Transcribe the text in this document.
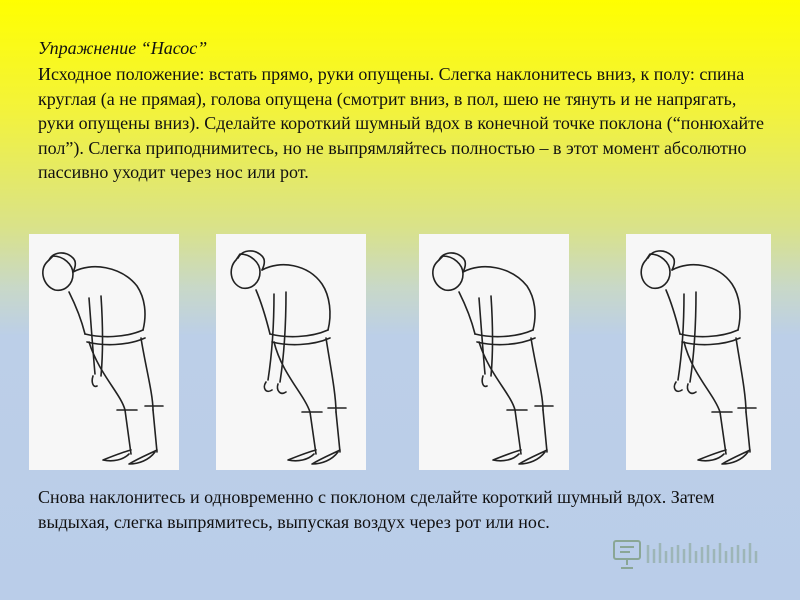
Упражнение “Насос”

Исходное положение: встать прямо, руки опущены. Слегка наклонитесь вниз, к полу: спина круглая (а не прямая), голова опущена (смотрит вниз, в пол, шею не тянуть и не напрягать, руки опущены вниз). Сделайте короткий шумный вдох в конечной точке поклона (“понюхайте пол”). Слегка приподнимитесь, но не выпрямляйтесь полностью – в этот момент абсолютно пассивно уходит через нос или рот.

Снова наклонитесь и одновременно с поклоном сделайте короткий шумный вдох. Затем выдыхая, слегка выпрямитесь, выпуская воздух через рот или нос.
